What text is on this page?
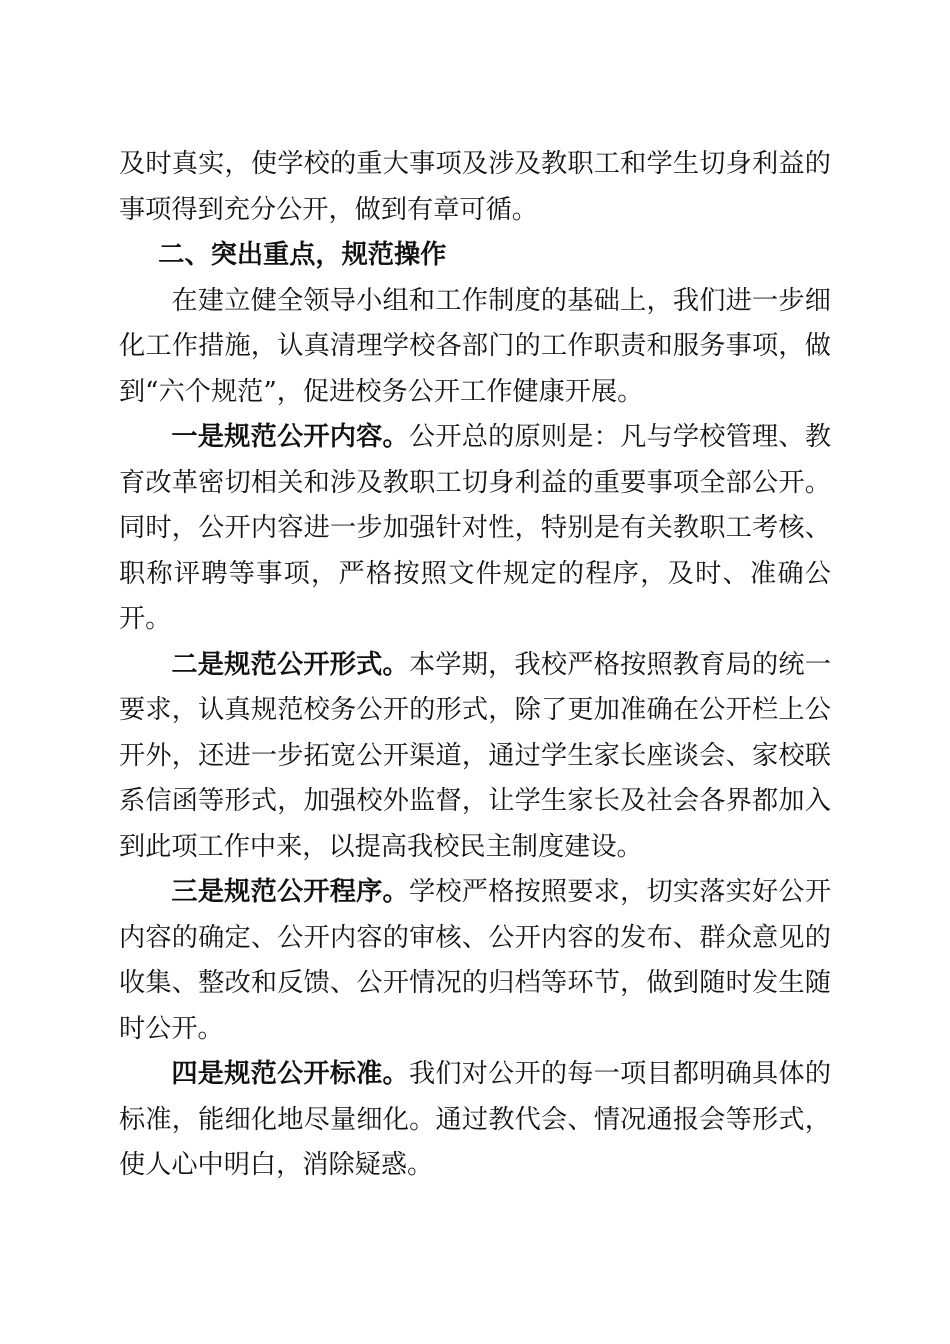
及时真实，使学校的重大事项及涉及教职工和学生切身利益的事项得到充分公开，做到有章可循。

二、突出重点，规范操作

在建立健全领导小组和工作制度的基础上，我们进一步细化工作措施，认真清理学校各部门的工作职责和服务事项，做到“六个规范”，促进校务公开工作健康开展。

一是规范公开内容。公开总的原则是：凡与学校管理、教育改革密切相关和涉及教职工切身利益的重要事项全部公开。同时，公开内容进一步加强针对性，特别是有关教职工考核、职称评聘等事项，严格按照文件规定的程序，及时、准确公开。

二是规范公开形式。本学期，我校严格按照教育局的统一要求，认真规范校务公开的形式，除了更加准确在公开栏上公开外，还进一步拓宽公开渠道，通过学生家长座谈会、家校联系信函等形式，加强校外监督，让学生家长及社会各界都加入到此项工作中来，以提高我校民主制度建设。

三是规范公开程序。学校严格按照要求，切实落实好公开内容的确定、公开内容的审核、公开内容的发布、群众意见的收集、整改和反馈、公开情况的归档等环节，做到随时发生随时公开。

四是规范公开标准。我们对公开的每一项目都明确具体的标准，能细化地尽量细化。通过教代会、情况通报会等形式，使人心中明白，消除疑惑。
